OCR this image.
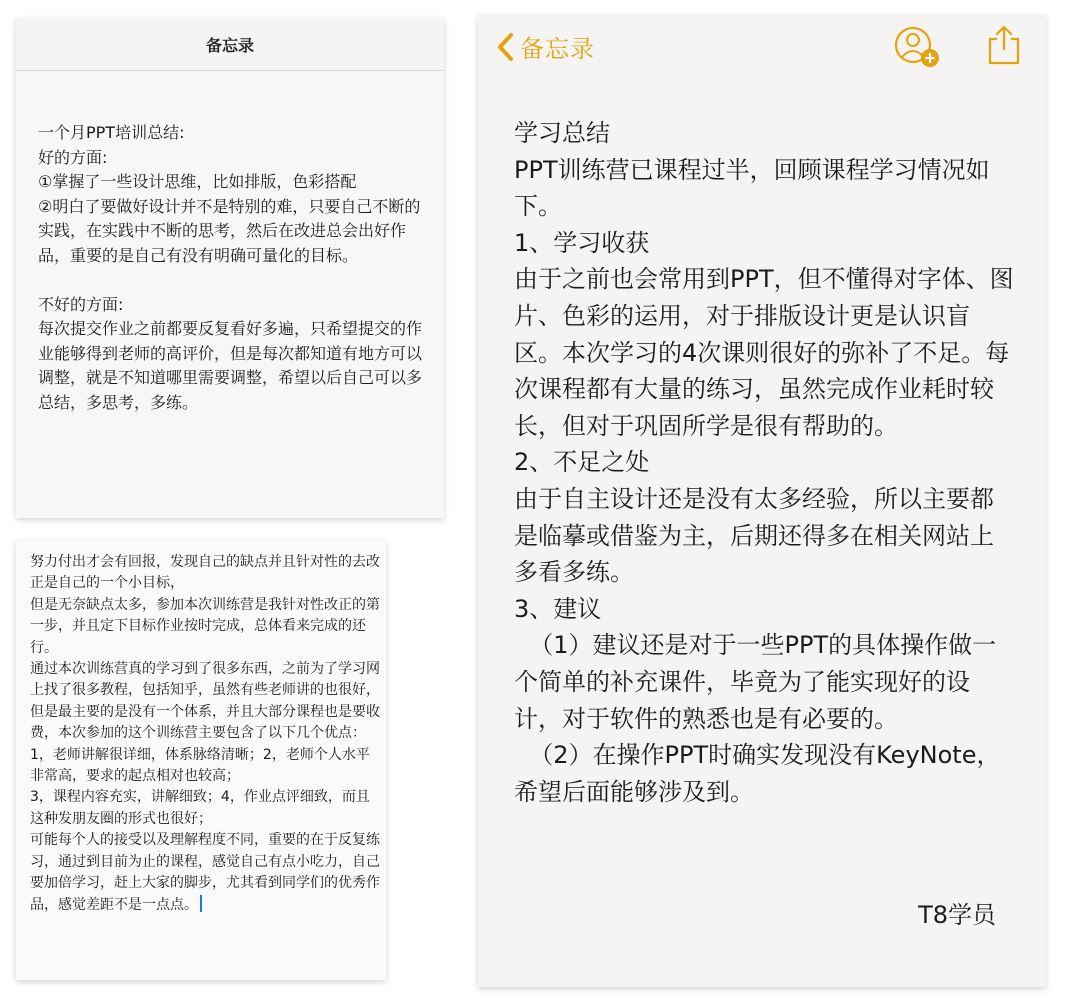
备忘录
一个月PPT培训总结:
好的方面:
①掌握了一些设计思维，比如排版，色彩搭配
②明白了要做好设计并不是特别的难，只要自己不断的实践，在实践中不断的思考，然后在改进总会出好作品，重要的是自己有没有明确可量化的目标。

不好的方面:
每次提交作业之前都要反复看好多遍，只希望提交的作业能够得到老师的高评价，但是每次都知道有地方可以调整，就是不知道哪里需要调整，希望以后自己可以多总结，多思考，多练。
努力付出才会有回报，发现自己的缺点并且针对性的去改正是自己的一个小目标，
但是无奈缺点太多，参加本次训练营是我针对性改正的第一步，并且定下目标作业按时完成，总体看来完成的还行。
通过本次训练营真的学习到了很多东西，之前为了学习网上找了很多教程，包括知乎，虽然有些老师讲的也很好，但是最主要的是没有一个体系，并且大部分课程也是要收费，本次参加的这个训练营主要包含了以下几个优点：
1，老师讲解很详细，体系脉络清晰；2，老师个人水平非常高，要求的起点相对也较高；
3，课程内容充实，讲解细致；4，作业点评细致，而且这种发朋友圈的形式也很好；
可能每个人的接受以及理解程度不同，重要的在于反复练习，通过到目前为止的课程，感觉自己有点小吃力，自己要加倍学习，赶上大家的脚步，尤其看到同学们的优秀作品，感觉差距不是一点点。
备忘录
学习总结
PPT训练营已课程过半，回顾课程学习情况如下。
1、学习收获
由于之前也会常用到PPT，但不懂得对字体、图片、色彩的运用，对于排版设计更是认识盲区。本次学习的4次课则很好的弥补了不足。每次课程都有大量的练习，虽然完成作业耗时较长，但对于巩固所学是很有帮助的。
2、不足之处
由于自主设计还是没有太多经验，所以主要都是临摹或借鉴为主，后期还得多在相关网站上多看多练。
3、建议
（1）建议还是对于一些PPT的具体操作做一个简单的补充课件，毕竟为了能实现好的设计，对于软件的熟悉也是有必要的。
（2）在操作PPT时确实发现没有KeyNote，希望后面能够涉及到。
T8学员
